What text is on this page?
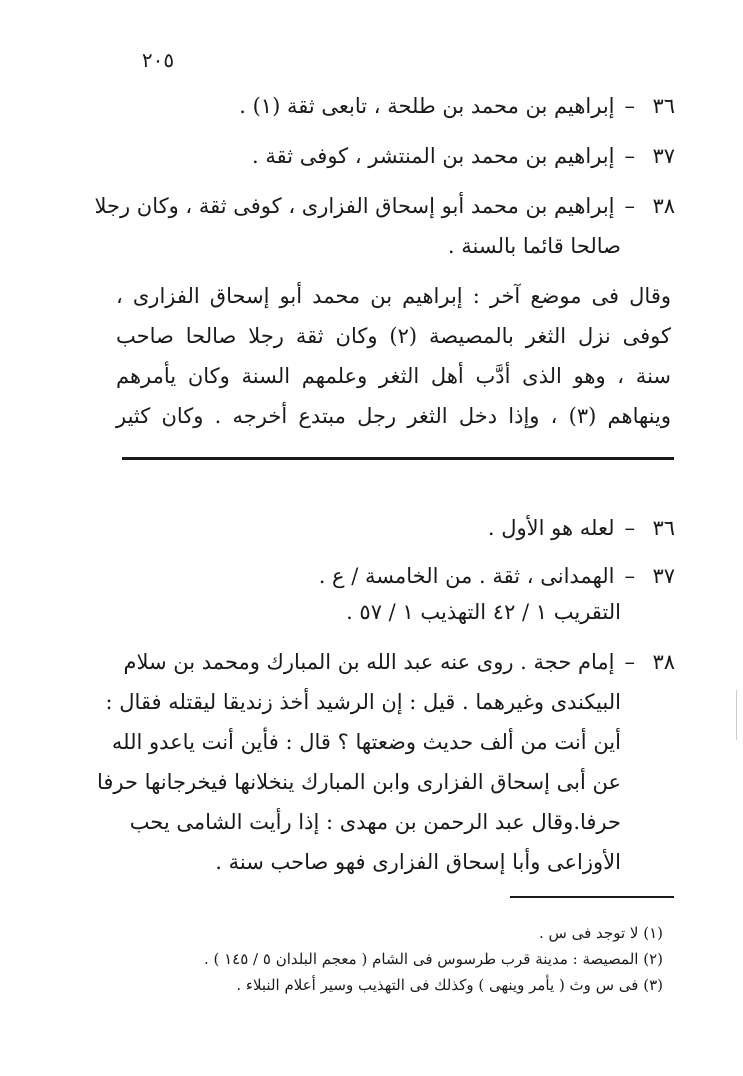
٢٠٥
٣٦–إبراهيم بن محمد بن طلحة ، تابعى ثقة (١) .
٣٧–إبراهيم بن محمد بن المنتشر ، كوفى ثقة .
٣٨–إبراهيم بن محمد أبو إسحاق الفزارى ، كوفى ثقة ، وكان رجلا
صالحا قائما بالسنة .
وقال فى موضع آخر : إبراهيم بن محمد أبو إسحاق الفزارى ،
كوفى نزل الثغر بالمصيصة (٢) وكان ثقة رجلا صالحا صاحب
سنة ، وهو الذى أدَّب أهل الثغر وعلمهم السنة وكان يأمرهم
وينهاهم (٣) ، وإذا دخل الثغر رجل مبتدع أخرجه . وكان كثير
٣٦–لعله هو الأول .
٣٧–الهمدانى ، ثقة . من الخامسة / ع .
التقريب ١ / ٤٢ التهذيب ١ / ٥٧ .
٣٨–إمام حجة . روى عنه عبد الله بن المبارك ومحمد بن سلام
البيكندى وغيرهما . قيل : إن الرشيد أخذ زنديقا ليقتله فقال :
أين أنت من ألف حديث وضعتها ؟ قال : فأين أنت ياعدو الله
عن أبى إسحاق الفزارى وابن المبارك ينخلانها فيخرجانها حرفا
حرفا.وقال عبد الرحمن بن مهدى : إذا رأيت الشامى يحب
الأوزاعى وأبا إسحاق الفزارى فهو صاحب سنة .
(١) لا توجد فى س .
(٢) المصيصة : مدينة قرب طرسوس فى الشام ( معجم البلدان ٥ / ١٤٥ ) .
(٣) فى س وث ( يأمر وينهى ) وكذلك فى التهذيب وسير أعلام النبلاء .
